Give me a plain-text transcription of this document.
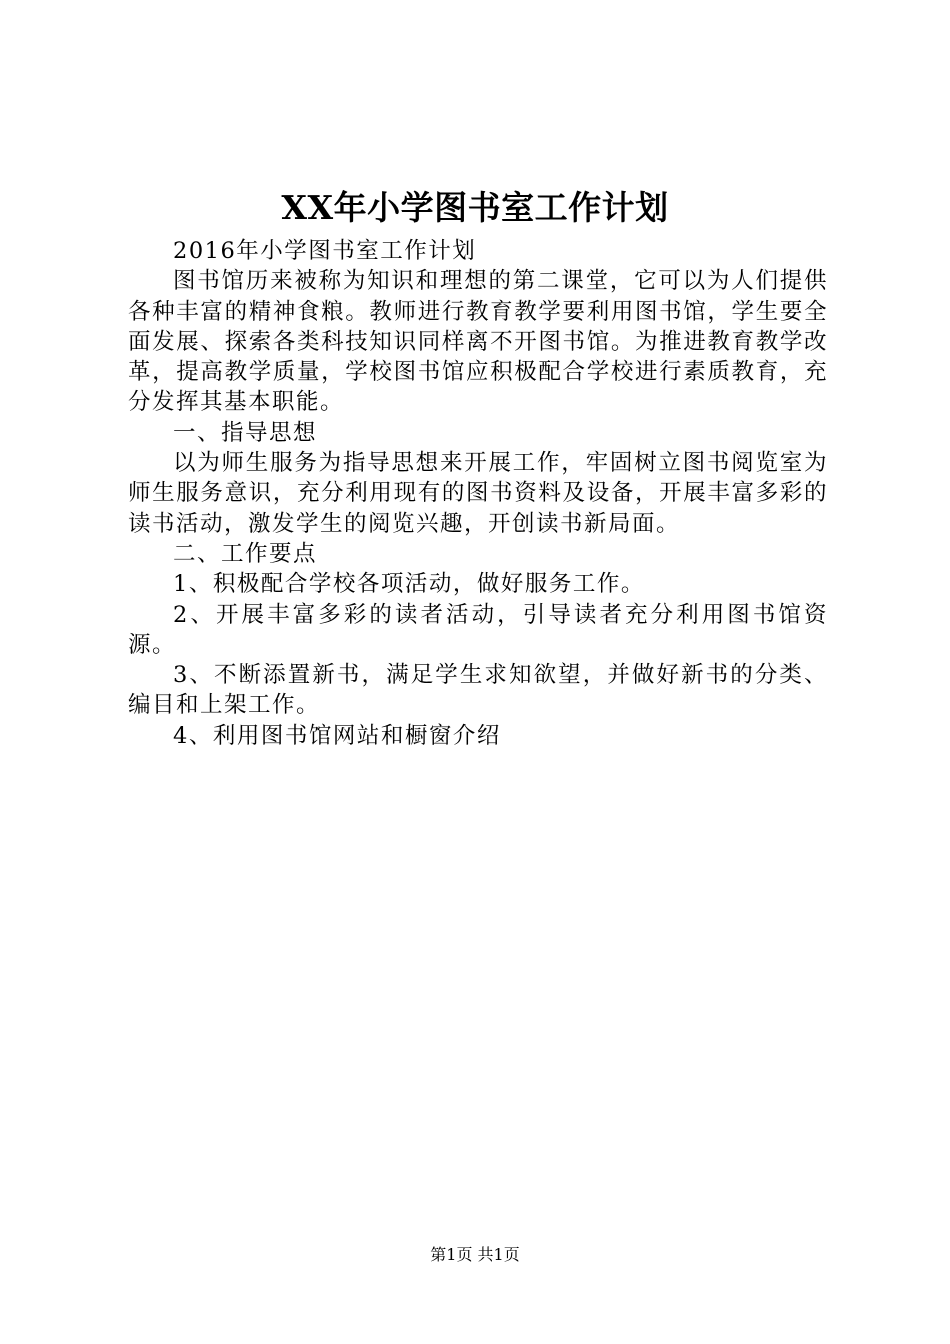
XX年小学图书室工作计划

2016年小学图书室工作计划

图书馆历来被称为知识和理想的第二课堂，它可以为人们提供各种丰富的精神食粮。教师进行教育教学要利用图书馆，学生要全面发展、探索各类科技知识同样离不开图书馆。为推进教育教学改革，提高教学质量，学校图书馆应积极配合学校进行素质教育，充分发挥其基本职能。

一、指导思想

以为师生服务为指导思想来开展工作，牢固树立图书阅览室为师生服务意识，充分利用现有的图书资料及设备，开展丰富多彩的读书活动，激发学生的阅览兴趣，开创读书新局面。

二、工作要点

1、积极配合学校各项活动，做好服务工作。

2、开展丰富多彩的读者活动，引导读者充分利用图书馆资源。

3、不断添置新书，满足学生求知欲望，并做好新书的分类、编目和上架工作。

4、利用图书馆网站和橱窗介绍

第1页 共1页
